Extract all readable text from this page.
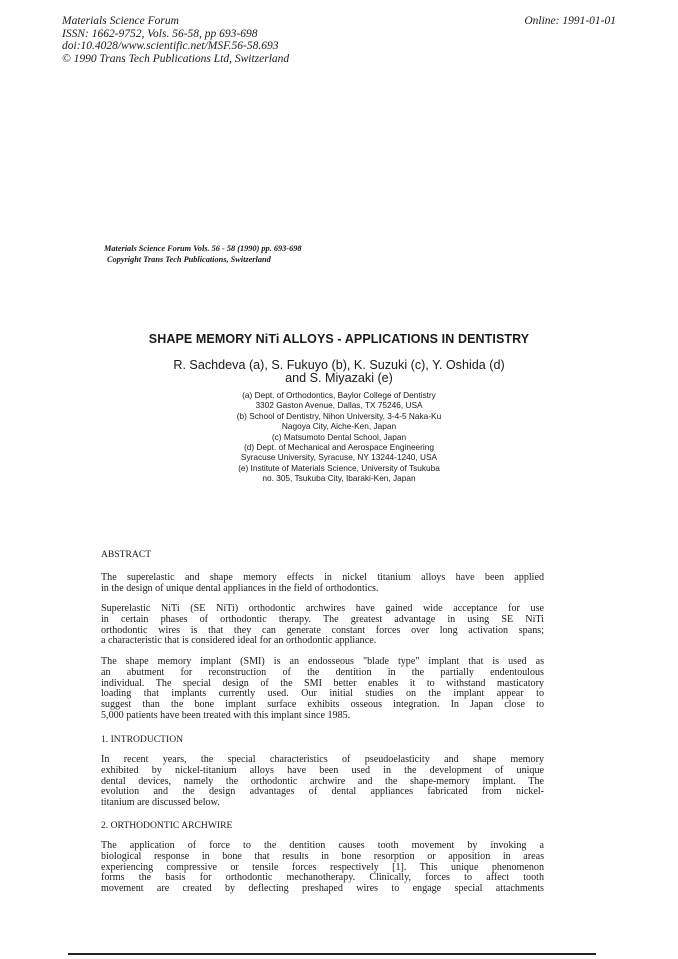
Materials Science Forum
ISSN: 1662-9752, Vols. 56-58, pp 693-698
doi:10.4028/www.scientific.net/MSF.56-58.693
© 1990 Trans Tech Publications Ltd, Switzerland
Online: 1991-01-01
Materials Science Forum Vols. 56 - 58 (1990) pp. 693-698
Copyright Trans Tech Publications, Switzerland
SHAPE MEMORY NiTi ALLOYS - APPLICATIONS IN DENTISTRY
R. Sachdeva (a), S. Fukuyo (b), K. Suzuki (c), Y. Oshida (d)
and S. Miyazaki (e)
(a) Dept. of Orthodontics, Baylor College of Dentistry
3302 Gaston Avenue, Dallas, TX 75246, USA
(b) School of Dentistry, Nihon University, 3-4-5 Naka-Ku
Nagoya City, Aiche-Ken, Japan
(c) Matsumoto Dental School, Japan
(d) Dept. of Mechanical and Aerospace Engineering
Syracuse University, Syracuse, NY 13244-1240, USA
(e) Institute of Materials Science, University of Tsukuba
no. 305, Tsukuba City, Ibaraki-Ken, Japan
ABSTRACT
The superelastic and shape memory effects in nickel titanium alloys have been applied
in the design of unique dental appliances in the field of orthodontics.
Superelastic NiTi (SE NiTi) orthodontic archwires have gained wide acceptance for use
in certain phases of orthodontic therapy. The greatest advantage in using SE NiTi
orthodontic wires is that they can generate constant forces over long activation spans;
a characteristic that is considered ideal for an orthodontic appliance.
The shape memory implant (SMI) is an endosseous "blade type" implant that is used as
an abutment for reconstruction of the dentition in the partially endentoulous
individual. The special design of the SMI better enables it to withstand masticatory
loading that implants currently used. Our initial studies on the implant appear to
suggest than the bone implant surface exhibits osseous integration. In Japan close to
5,000 patients have been treated with this implant since 1985.
1. INTRODUCTION
In recent years, the special characteristics of pseudoelasticity and shape memory
exhibited by nickel-titanium alloys have been used in the development of unique
dental devices, namely the orthodontic archwire and the shape-memory implant. The
evolution and the design advantages of dental appliances fabricated from nickel-
titanium are discussed below.
2. ORTHODONTIC ARCHWIRE
The application of force to the dentition causes tooth movement by invoking a
biological response in bone that results in bone resorption or apposition in areas
experiencing compressive or tensile forces respectively [1]. This unique phenomenon
forms the basis for orthodontic mechanotherapy. Clinically, forces to affect tooth
movement are created by deflecting preshaped wires to engage special attachments
